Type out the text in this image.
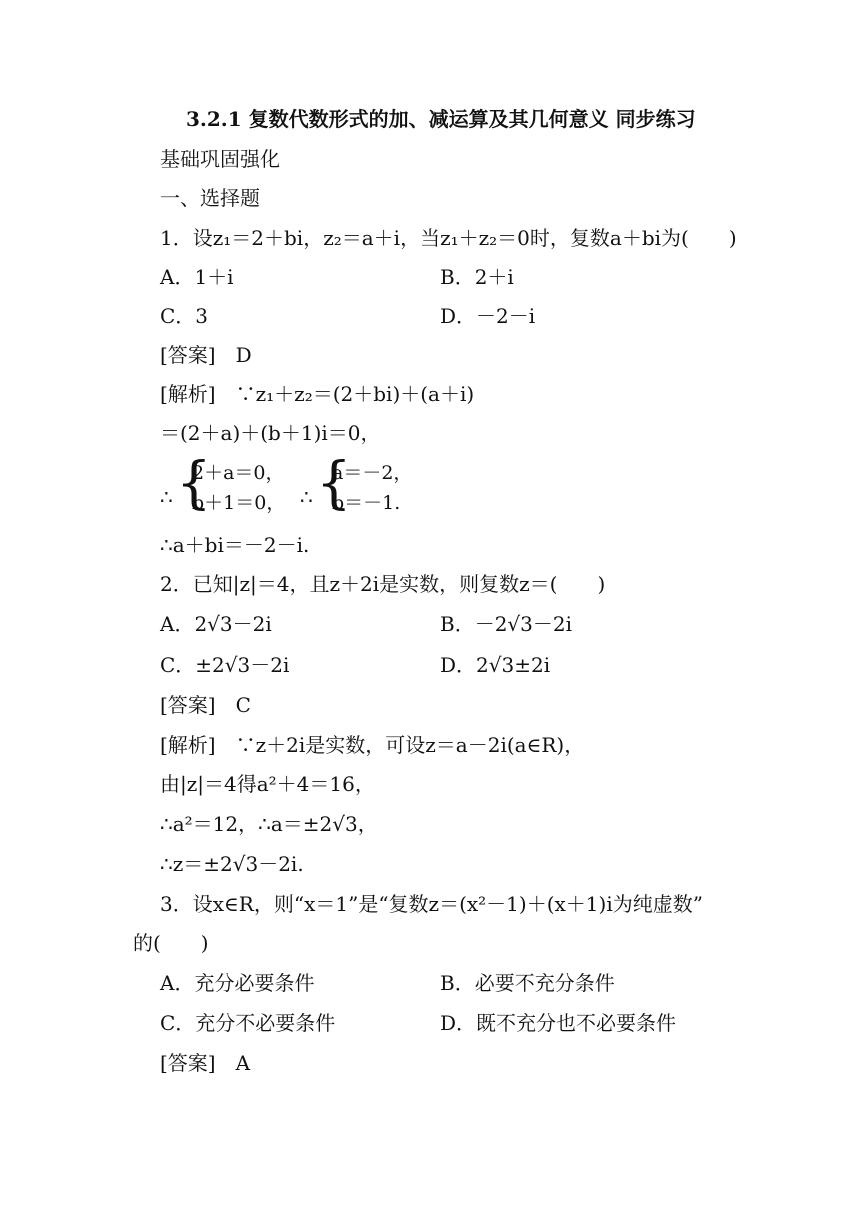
3.2.1 复数代数形式的加、减运算及其几何意义 同步练习
基础巩固强化
一、选择题
1．设z₁＝2＋bi，z₂＝a＋i，当z₁＋z₂＝0时，复数a＋bi为(　　)
A．1＋i	B．2＋i
C．3	D．－2－i
[答案]　D
[解析]　∵z₁＋z₂＝(2＋bi)＋(a＋i)
＝(2＋a)＋(b＋1)i＝0，
∴ {
2＋a＝0，
b＋1＝0， ∴ {
a＝－2，
b＝－1.
∴a＋bi＝－2－i.
2．已知|z|＝4，且z＋2i是实数，则复数z＝(　　)
A．2√3－2i	B．－2√3－2i
C．±2√3－2i	D．2√3±2i
[答案]　C
[解析]　∵z＋2i是实数，可设z＝a－2i(a∈R)，
由|z|＝4得a²＋4＝16，
∴a²＝12，∴a＝±2√3，
∴z＝±2√3－2i.
3．设x∈R，则“x＝1”是“复数z＝(x²－1)＋(x＋1)i为纯虚数”
的(　　)
A．充分必要条件	B．必要不充分条件
C．充分不必要条件	D．既不充分也不必要条件
[答案]　A
